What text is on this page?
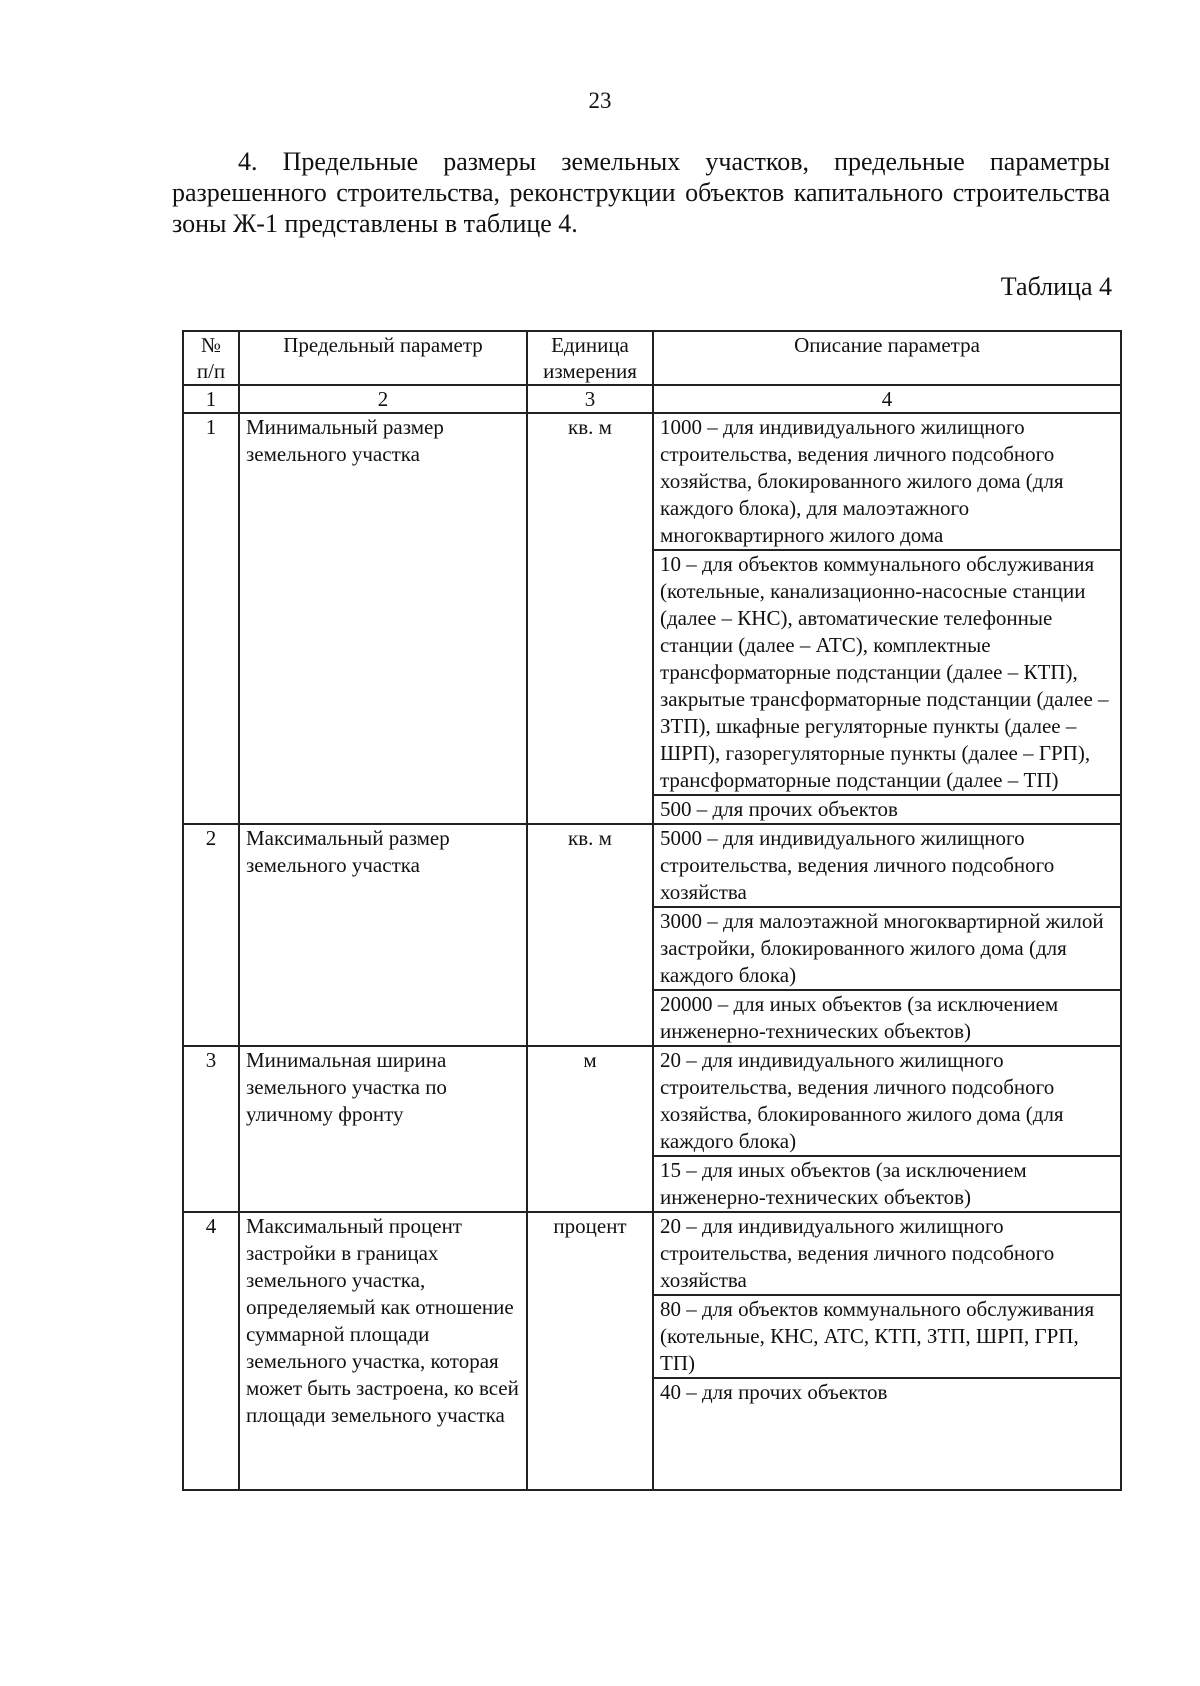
23

4. Предельные размеры земельных участков, предельные параметры разрешенного строительства, реконструкции объектов капитального строительства зоны Ж-1 представлены в таблице 4.

Таблица 4

№ п/п	Предельный параметр	Единица измерения	Описание параметра
1	2	3	4
1	Минимальный размер земельного участка	кв. м	1000 – для индивидуального жилищного строительства, ведения личного подсобного хозяйства, блокированного жилого дома (для каждого блока), для малоэтажного многоквартирного жилого дома
			10 – для объектов коммунального обслуживания (котельные, канализационно-насосные станции (далее – КНС), автоматические телефонные станции (далее – АТС), комплектные трансформаторные подстанции (далее – КТП), закрытые трансформаторные подстанции (далее – ЗТП), шкафные регуляторные пункты (далее – ШРП), газорегуляторные пункты (далее – ГРП), трансформаторные подстанции (далее – ТП)
			500 – для прочих объектов
2	Максимальный размер земельного участка	кв. м	5000 – для индивидуального жилищного строительства, ведения личного подсобного хозяйства
			3000 – для малоэтажной многоквартирной жилой застройки, блокированного жилого дома (для каждого блока)
			20000 – для иных объектов (за исключением инженерно-технических объектов)
3	Минимальная ширина земельного участка по уличному фронту	м	20 – для индивидуального жилищного строительства, ведения личного подсобного хозяйства, блокированного жилого дома (для каждого блока)
			15 – для иных объектов (за исключением инженерно-технических объектов)
4	Максимальный процент застройки в границах земельного участка, определяемый как отношение суммарной площади земельного участка, которая может быть застроена, ко всей площади земельного участка	процент	20 – для индивидуального жилищного строительства, ведения личного подсобного хозяйства
			80 – для объектов коммунального обслуживания (котельные, КНС, АТС, КТП, ЗТП, ШРП, ГРП, ТП)
			40 – для прочих объектов
